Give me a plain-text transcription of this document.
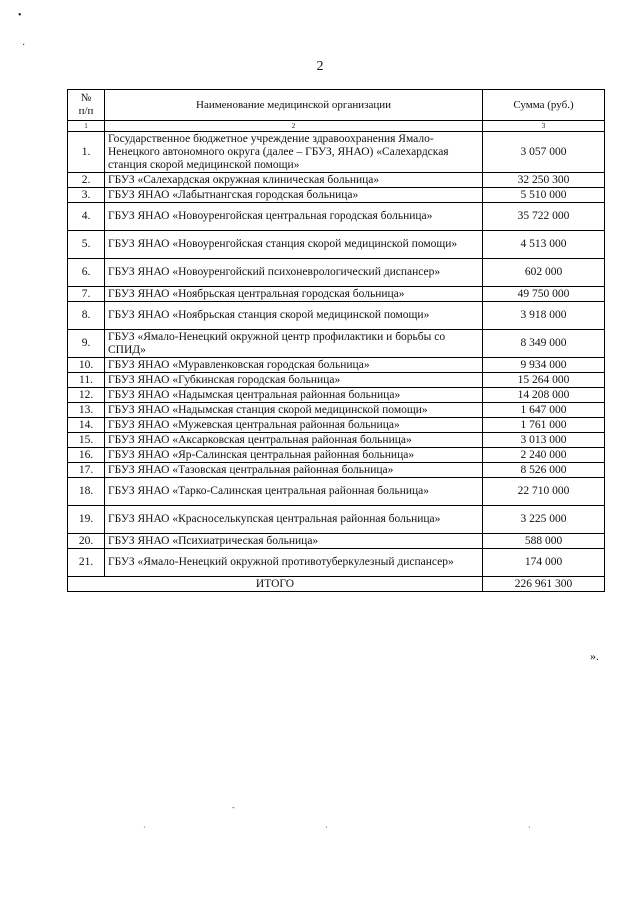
•
·
2
№
п/п	Наименование медицинской организации	Сумма (руб.)
1	2	3
1.	Государственное бюджетное учреждение здравоохранения Ямало-Ненецкого автономного округа (далее – ГБУЗ, ЯНАО) «Салехардская станция скорой медицинской помощи»	3 057 000
2.	ГБУЗ «Салехардская окружная клиническая больница»	32 250 300
3.	ГБУЗ ЯНАО «Лабытнангская городская больница»	5 510 000
4.	ГБУЗ ЯНАО «Новоуренгойская центральная городская больница»	35 722 000
5.	ГБУЗ ЯНАО «Новоуренгойская станция скорой медицинской помощи»	4 513 000
6.	ГБУЗ ЯНАО «Новоуренгойский психоневрологический диспансер»	602 000
7.	ГБУЗ ЯНАО «Ноябрьская центральная городская больница»	49 750 000
8.	ГБУЗ ЯНАО «Ноябрьская станция скорой медицинской помощи»	3 918 000
9.	ГБУЗ «Ямало-Ненецкий окружной центр профилактики и борьбы со СПИД»	8 349 000
10.	ГБУЗ ЯНАО «Муравленковская городская больница»	9 934 000
11.	ГБУЗ ЯНАО «Губкинская городская больница»	15 264 000
12.	ГБУЗ ЯНАО «Надымская центральная районная больница»	14 208 000
13.	ГБУЗ ЯНАО «Надымская станция скорой медицинской помощи»	1 647 000
14.	ГБУЗ ЯНАО «Мужевская центральная районная больница»	1 761 000
15.	ГБУЗ ЯНАО «Аксарковская центральная районная больница»	3 013 000
16.	ГБУЗ ЯНАО «Яр-Салинская центральная районная больница»	2 240 000
17.	ГБУЗ ЯНАО «Тазовская центральная районная больница»	8 526 000
18.	ГБУЗ ЯНАО «Тарко-Салинская центральная районная больница»	22 710 000
19.	ГБУЗ ЯНАО «Красноселькупская центральная районная больница»	3 225 000
20.	ГБУЗ ЯНАО «Психиатрическая больница»	588 000
21.	ГБУЗ «Ямало-Ненецкий окружной противотуберкулезный диспансер»	174 000
ИТОГО		226 961 300
».
-
·	·	·
